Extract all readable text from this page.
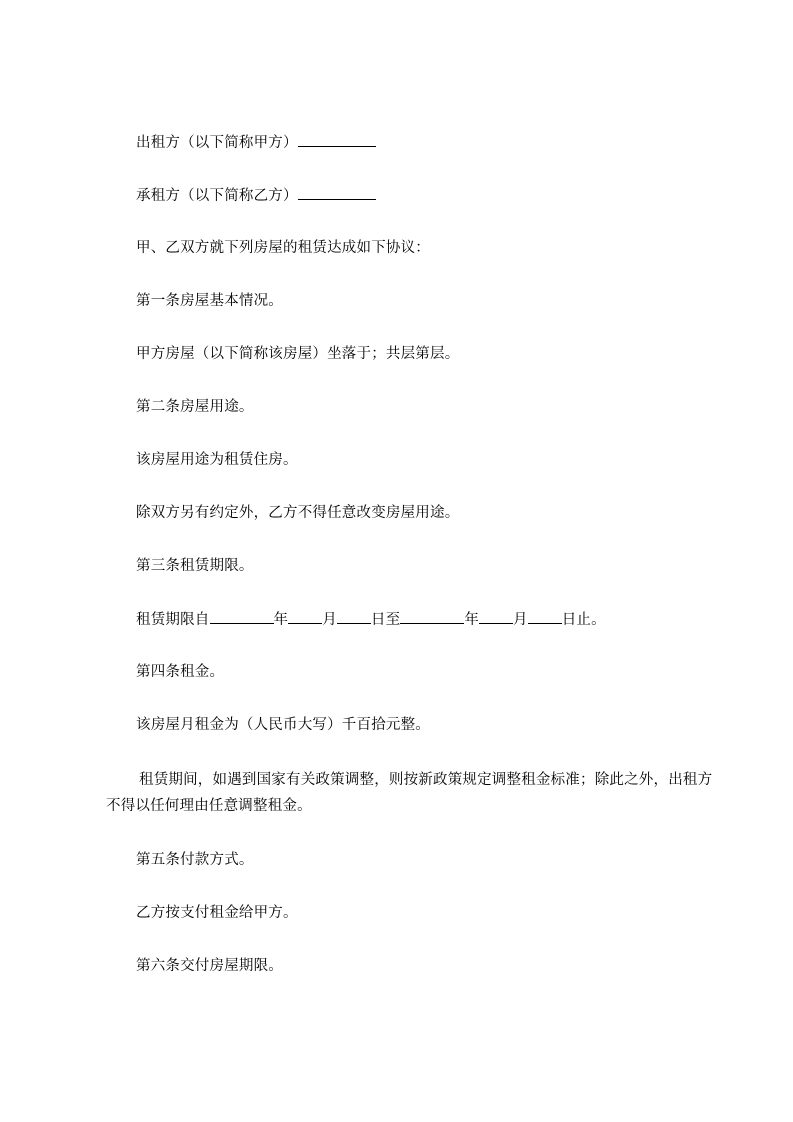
出租方（以下简称甲方）
承租方（以下简称乙方）
甲、乙双方就下列房屋的租赁达成如下协议：
第一条房屋基本情况。
甲方房屋（以下简称该房屋）坐落于；共层第层。
第二条房屋用途。
该房屋用途为租赁住房。
除双方另有约定外，乙方不得任意改变房屋用途。
第三条租赁期限。
租赁期限自	年 月 日至	年 月 日止。
第四条租金。
该房屋月租金为（人民币大写）千百拾元整。
租赁期间，如遇到国家有关政策调整，则按新政策规定调整租金标准；除此之外，出租方不得以任何理由任意调整租金。
第五条付款方式。
乙方按支付租金给甲方。
第六条交付房屋期限。
